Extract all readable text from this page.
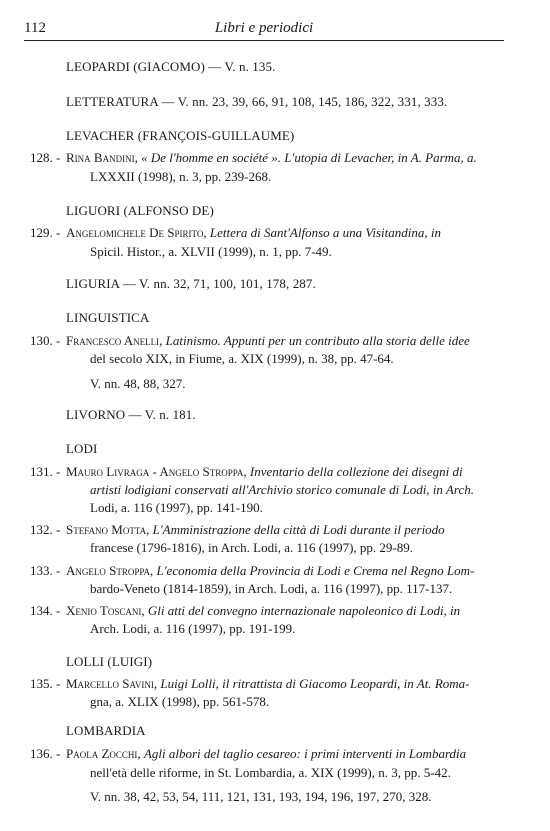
112	Libri e periodici
LEOPARDI (GIACOMO) — V. n. 135.
LETTERATURA — V. nn. 23, 39, 66, 91, 108, 145, 186, 322, 331, 333.
LEVACHER (FRANÇOIS-GUILLAUME)
128. - Rina Bandini, « De l'homme en société ». L'utopia di Levacher, in A. Parma, a.
LXXXII (1998), n. 3, pp. 239-268.
LIGUORI (ALFONSO DE)
129. - Angelomichele De Spirito, Lettera di Sant'Alfonso a una Visitandina, in
Spicil. Histor., a. XLVII (1999), n. 1, pp. 7-49.
LIGURIA — V. nn. 32, 71, 100, 101, 178, 287.
LINGUISTICA
130. - Francesco Anelli, Latinismo. Appunti per un contributo alla storia delle idee
del secolo XIX, in Fiume, a. XIX (1999), n. 38, pp. 47-64.
V. nn. 48, 88, 327.
LIVORNO — V. n. 181.
LODI
131. - Mauro Livraga - Angelo Stroppa, Inventario della collezione dei disegni di
artisti lodigiani conservati all'Archivio storico comunale di Lodi, in Arch.
Lodi, a. 116 (1997), pp. 141-190.
132. - Stefano Motta, L'Amministrazione della città di Lodi durante il periodo
francese (1796-1816), in Arch. Lodi, a. 116 (1997), pp. 29-89.
133. - Angelo Stroppa, L'economia della Provincia di Lodi e Crema nel Regno Lom-
bardo-Veneto (1814-1859), in Arch. Lodi, a. 116 (1997), pp. 117-137.
134. - Xenio Toscani, Gli atti del convegno internazionale napoleonico di Lodi, in
Arch. Lodi, a. 116 (1997), pp. 191-199.
LOLLI (LUIGI)
135. - Marcello Savini, Luigi Lolli, il ritrattista di Giacomo Leopardi, in At. Roma-
gna, a. XLIX (1998), pp. 561-578.
LOMBARDIA
136. - Paola Zocchi, Agli albori del taglio cesareo: i primi interventi in Lombardia
nell'età delle riforme, in St. Lombardia, a. XIX (1999), n. 3, pp. 5-42.
V. nn. 38, 42, 53, 54, 111, 121, 131, 193, 194, 196, 197, 270, 328.
